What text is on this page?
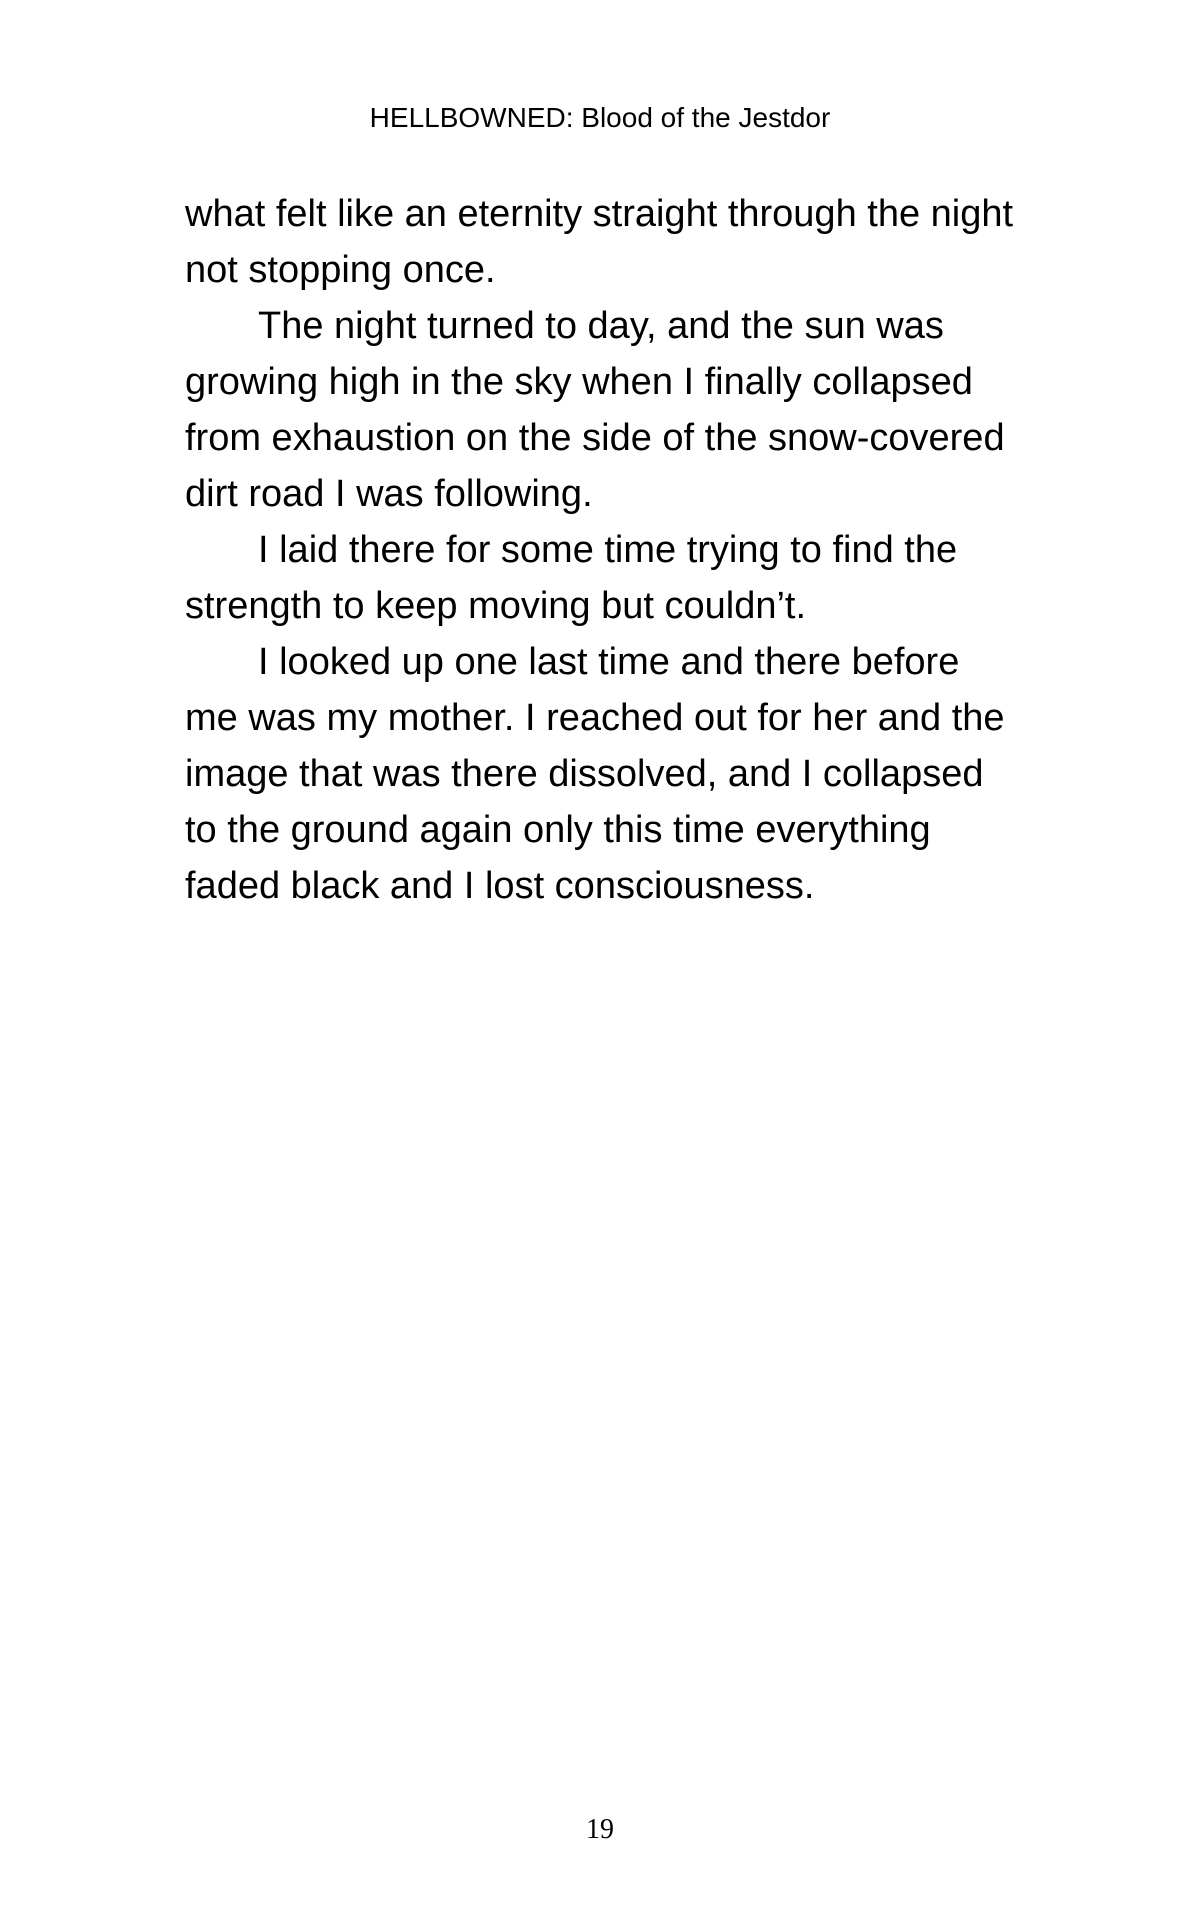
HELLBOWNED: Blood of the Jestdor

what felt like an eternity straight through the night

not stopping once.

The night turned to day, and the sun was

growing high in the sky when I finally collapsed

from exhaustion on the side of the snow-covered

dirt road I was following.

I laid there for some time trying to find the

strength to keep moving but couldn’t.

I looked up one last time and there before

me was my mother. I reached out for her and the

image that was there dissolved, and I collapsed

to the ground again only this time everything

faded black and I lost consciousness.

19
